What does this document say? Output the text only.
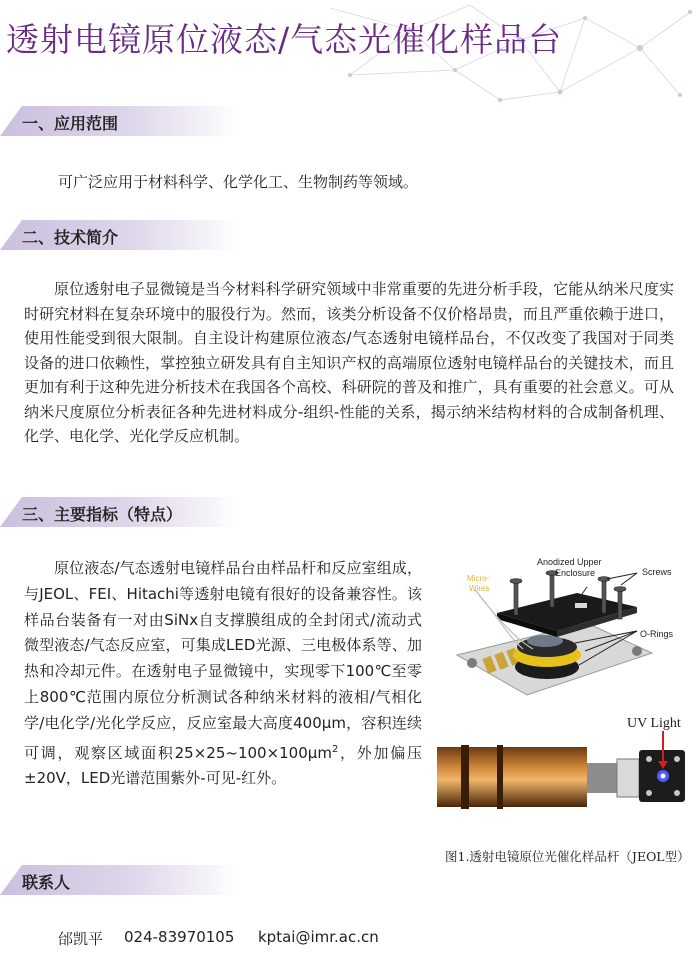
透射电镜原位液态/气态光催化样品台
一、应用范围

可广泛应用于材料科学、化学化工、生物制药等领域。

二、技术简介

原位透射电子显微镜是当今材料科学研究领域中非常重要的先进分析手段，它能从纳米尺度实时研究材料在复杂环境中的服役行为。然而，该类分析设备不仅价格昂贵，而且严重依赖于进口，使用性能受到很大限制。自主设计构建原位液态/气态透射电镜样品台，不仅改变了我国对于同类设备的进口依赖性，掌控独立研发具有自主知识产权的高端原位透射电镜样品台的关键技术，而且更加有利于这种先进分析技术在我国各个高校、科研院的普及和推广，具有重要的社会意义。可从纳米尺度原位分析表征各种先进材料成分-组织-性能的关系，揭示纳米结构材料的合成制备机理、化学、电化学、光化学反应机制。

三、主要指标（特点）

原位液态/气态透射电镜样品台由样品杆和反应室组成，与JEOL、FEI、Hitachi等透射电镜有很好的设备兼容性。该样品台装备有一对由SiNx自支撑膜组成的全封闭式/流动式微型液态/气态反应室，可集成LED光源、三电极体系等、加热和冷却元件。在透射电子显微镜中，实现零下100℃至零上800℃范围内原位分析测试各种纳米材料的液相/气相化学/电化学/光化学反应，反应室最大高度400μm，容积连续可调，观察区域面积$25\times 25\sim 100\times 100\mu m^2$，外加偏压±20V，LED光谱范围紫外-可见-红外。

Anodized Upper
Enclosure	Screws
Micro-
Wires
O-Rings
UV Light
图1.透射电镜原位光催化样品杆（JEOL型）
联系人
邰凯平 024-83970105 kptai@imr.ac.cn
